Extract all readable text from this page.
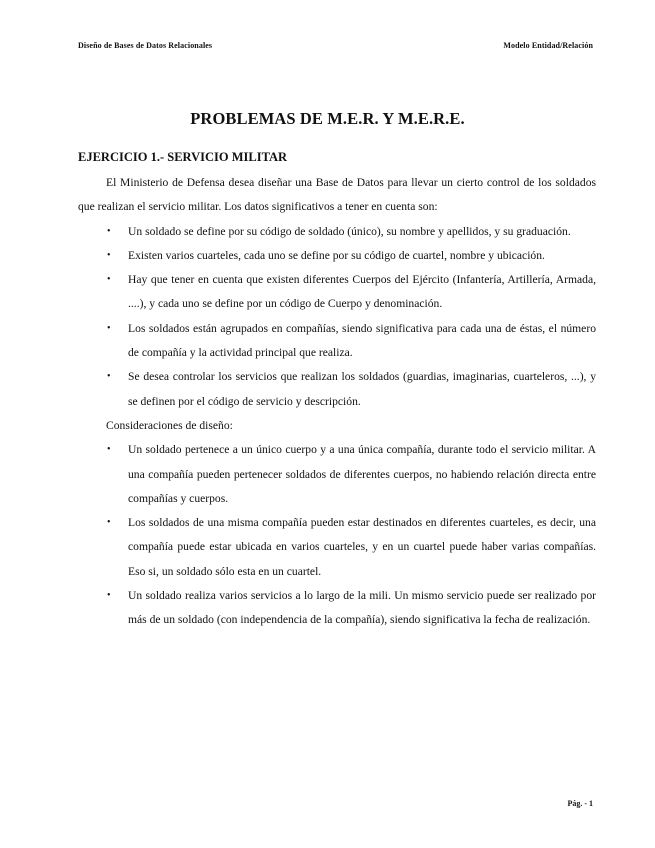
Diseño de Bases de Datos Relacionales	Modelo Entidad/Relación
PROBLEMAS DE M.E.R. Y M.E.R.E.
EJERCICIO 1.- SERVICIO MILITAR

El Ministerio de Defensa desea diseñar una Base de Datos para llevar un cierto control de los soldados que realizan el servicio militar. Los datos significativos a tener en cuenta son:

• Un soldado se define por su código de soldado (único), su nombre y apellidos, y su graduación.
• Existen varios cuarteles, cada uno se define por su código de cuartel, nombre y ubicación.
• Hay que tener en cuenta que existen diferentes Cuerpos del Ejército (Infantería, Artillería, Armada, ....), y cada uno se define por un código de Cuerpo y denominación.
• Los soldados están agrupados en compañías, siendo significativa para cada una de éstas, el número de compañía y la actividad principal que realiza.
• Se desea controlar los servicios que realizan los soldados (guardias, imaginarias, cuarteleros, ...), y se definen por el código de servicio y descripción.

Consideraciones de diseño:

• Un soldado pertenece a un único cuerpo y a una única compañía, durante todo el servicio militar. A una compañía pueden pertenecer soldados de diferentes cuerpos, no habiendo relación directa entre compañías y cuerpos.
• Los soldados de una misma compañía pueden estar destinados en diferentes cuarteles, es decir, una compañía puede estar ubicada en varios cuarteles, y en un cuartel puede haber varias compañías. Eso si, un soldado sólo esta en un cuartel.
• Un soldado realiza varios servicios a lo largo de la mili. Un mismo servicio puede ser realizado por más de un soldado (con independencia de la compañía), siendo significativa la fecha de realización.
Pág. - 1
